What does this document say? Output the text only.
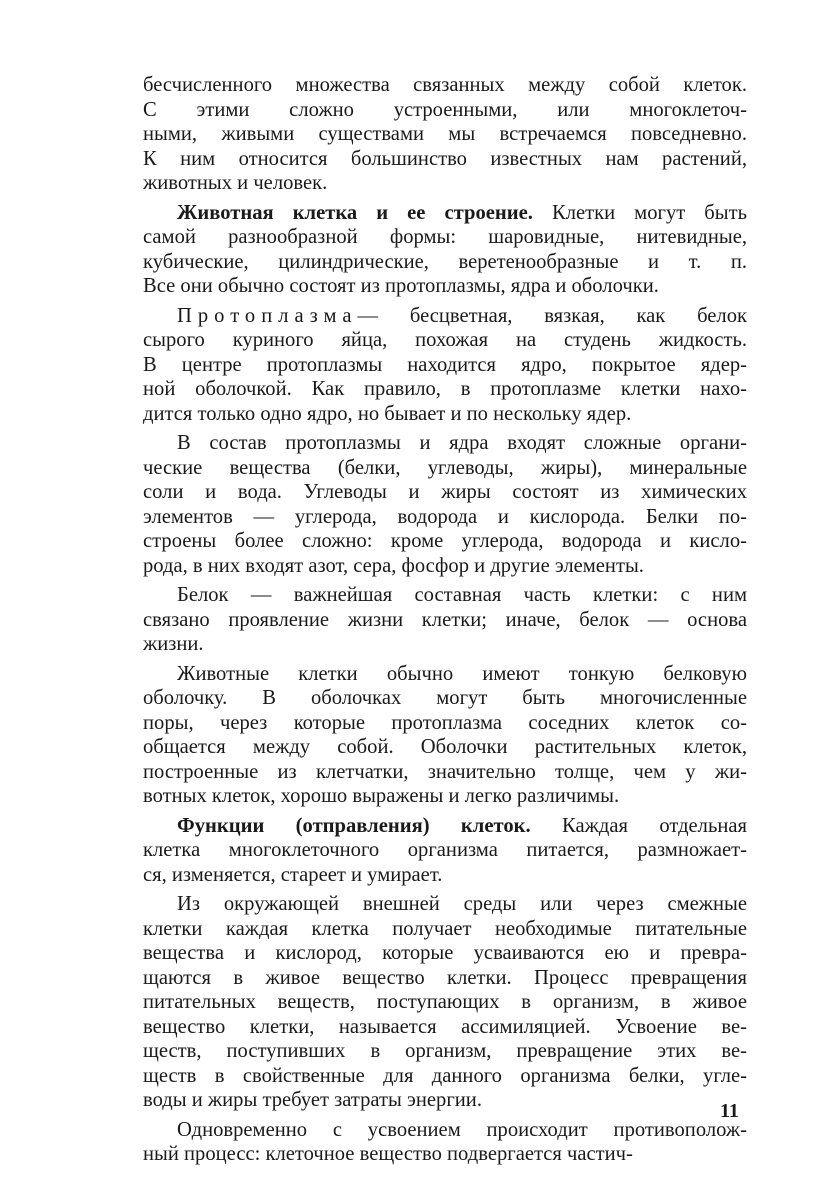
бесчисленного множества связанных между собой клеток.
С этими сложно устроенными, или многоклеточ-
ными, живыми существами мы встречаемся повседневно.
К ним относится большинство известных нам растений,
животных и человек.
Животная клетка и ее строение. Клетки могут быть
самой разнообразной формы: шаровидные, нитевидные,
кубические, цилиндрические, веретенообразные и т. п.
Все они обычно состоят из протоплазмы, ядра и оболочки.
Протоплазма— бесцветная, вязкая, как белок
сырого куриного яйца, похожая на студень жидкость.
В центре протоплазмы находится ядро, покрытое ядер-
ной оболочкой. Как правило, в протоплазме клетки нахо-
дится только одно ядро, но бывает и по нескольку ядер.
В состав протоплазмы и ядра входят сложные органи-
ческие вещества (белки, углеводы, жиры), минеральные
соли и вода. Углеводы и жиры состоят из химических
элементов — углерода, водорода и кислорода. Белки по-
строены более сложно: кроме углерода, водорода и кисло-
рода, в них входят азот, сера, фосфор и другие элементы.
Белок — важнейшая составная часть клетки: с ним
связано проявление жизни клетки; иначе, белок — основа
жизни.
Животные клетки обычно имеют тонкую белковую
оболочку. В оболочках могут быть многочисленные
поры, через которые протоплазма соседних клеток со-
общается между собой. Оболочки растительных клеток,
построенные из клетчатки, значительно толще, чем у жи-
вотных клеток, хорошо выражены и легко различимы.
Функции (отправления) клеток. Каждая отдельная
клетка многоклеточного организма питается, размножает-
ся, изменяется, стареет и умирает.
Из окружающей внешней среды или через смежные
клетки каждая клетка получает необходимые питательные
вещества и кислород, которые усваиваются ею и превра-
щаются в живое вещество клетки. Процесс превращения
питательных веществ, поступающих в организм, в живое
вещество клетки, называется ассимиляцией. Усвоение ве-
ществ, поступивших в организм, превращение этих ве-
ществ в свойственные для данного организма белки, угле-
воды и жиры требует затраты энергии.
Одновременно с усвоением происходит противополож-
ный процесс: клеточное вещество подвергается частич-
11
